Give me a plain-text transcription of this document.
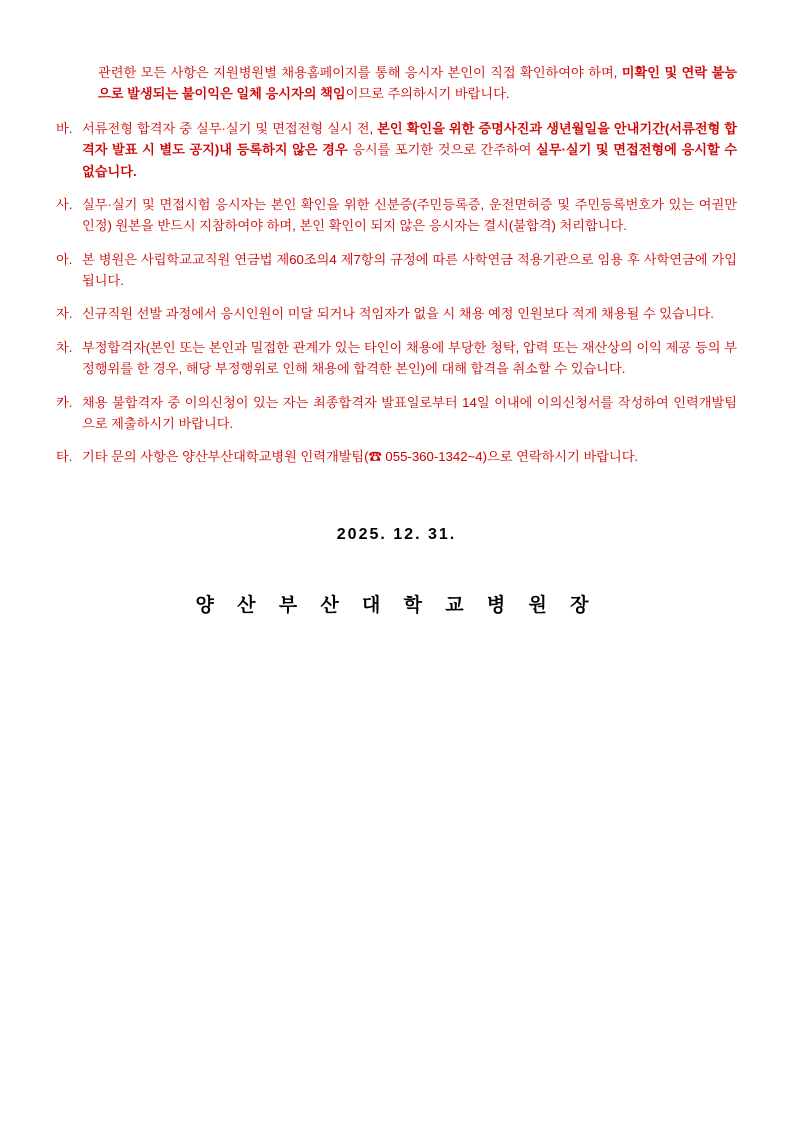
관련한 모든 사항은 지원병원별 채용홈페이지를 통해 응시자 본인이 직접 확인하여야 하며, 미확인 및 연락 불능으로 발생되는 불이익은 일체 응시자의 책임이므로 주의하시기 바랍니다.
바. 서류전형 합격자 중 실무·실기 및 면접전형 실시 전, 본인 확인을 위한 증명사진과 생년월일을 안내기간(서류전형 합격자 발표 시 별도 공지)내 등록하지 않은 경우 응시를 포기한 것으로 간주하여 실무·실기 및 면접전형에 응시할 수 없습니다.
사. 실무·실기 및 면접시험 응시자는 본인 확인을 위한 신분증(주민등록증, 운전면허증 및 주민등록번호가 있는 여권만 인정) 원본을 반드시 지참하여야 하며, 본인 확인이 되지 않은 응시자는 결시(불합격) 처리합니다.
아. 본 병원은 사립학교교직원 연금법 제60조의4 제7항의 규정에 따른 사학연금 적용기관으로 임용 후 사학연금에 가입됩니다.
자. 신규직원 선발 과정에서 응시인원이 미달 되거나 적임자가 없을 시 채용 예정 인원보다 적게 채용될 수 있습니다.
차. 부정합격자(본인 또는 본인과 밀접한 관계가 있는 타인이 채용에 부당한 청탁, 압력 또는 재산상의 이익 제공 등의 부정행위를 한 경우, 해당 부정행위로 인해 채용에 합격한 본인)에 대해 합격을 취소할 수 있습니다.
카. 채용 불합격자 중 이의신청이 있는 자는 최종합격자 발표일로부터 14일 이내에 이의신청서를 작성하여 인력개발팀으로 제출하시기 바랍니다.
타. 기타 문의 사항은 양산부산대학교병원 인력개발팀(☎ 055-360-1342~4)으로 연락하시기 바랍니다.
2025. 12. 31.
양 산 부 산 대 학 교 병 원 장
